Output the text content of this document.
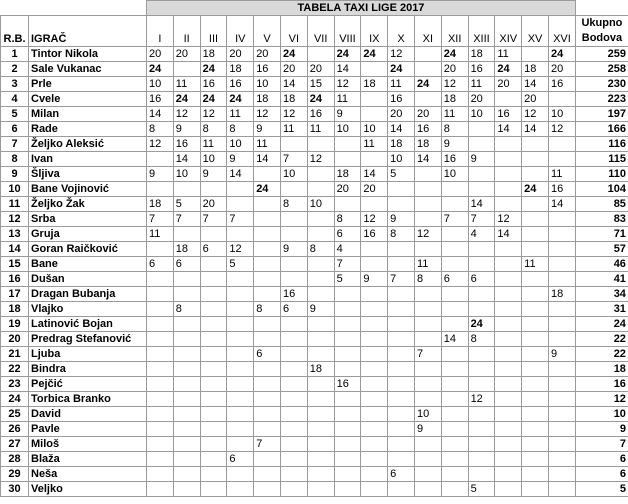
		TABELA TAXI LIGE 2017																
R.B.	IGRAČ	I	II	III	IV	V	VI	VII	VIII	IX	X	XI	XII	XIII	XIV	XV	XVI	Ukupno
Bodova
1	Tintor Nikola	20	20	18	20	20	24		24	24	12		24	18	11		24	259
2	Sale Vukanac	24		24	18	16	20	20	14		24		20	16	24	18	20	258
3	Prle	10	11	16	16	10	14	15	12	18	11	24	12	11	20	14	16	230
4	Cvele	16	24	24	24	18	18	24	11		16		18	20		20		223
5	Milan	14	12	12	11	12	12	16	9		20	20	11	10	16	12	10	197
6	Rade	8	9	8	8	9	11	11	10	10	14	16	8		14	14	12	166
7	Željko Aleksić	12	16	11	10	11				11	18	18	9					116
8	Ivan		14	10	9	14	7	12			10	14	16	9				115
9	Šljiva	9	10	9	14		10		18	14	5		10				11	110
10	Bane Vojinović					24			20	20						24	16	104
11	Željko Žak	18	5	20			8	10						14			14	85
12	Srba	7	7	7	7				8	12	9		7	7	12			83
13	Gruja	11							6	16	8	12		4	14			71
14	Goran Raičković		18	6	12		9	8	4									57
15	Bane	6	6		5				7			11				11		46
16	Dušan								5	9	7	8	6	6				41
17	Dragan Bubanja						16										18	34
18	Vlajko		8			8	6	9										31
19	Latinović Bojan													24				24
20	Predrag Stefanović												14	8				22
21	Ljuba					6						7					9	22
22	Bindra							18										18
23	Pejčić								16									16
24	Torbica Branko													12				12
25	David											10						10
26	Pavle											9						9
27	Miloš					7												7
28	Blaža				6													6
29	Neša										6							6
30	Veljko													5				5
